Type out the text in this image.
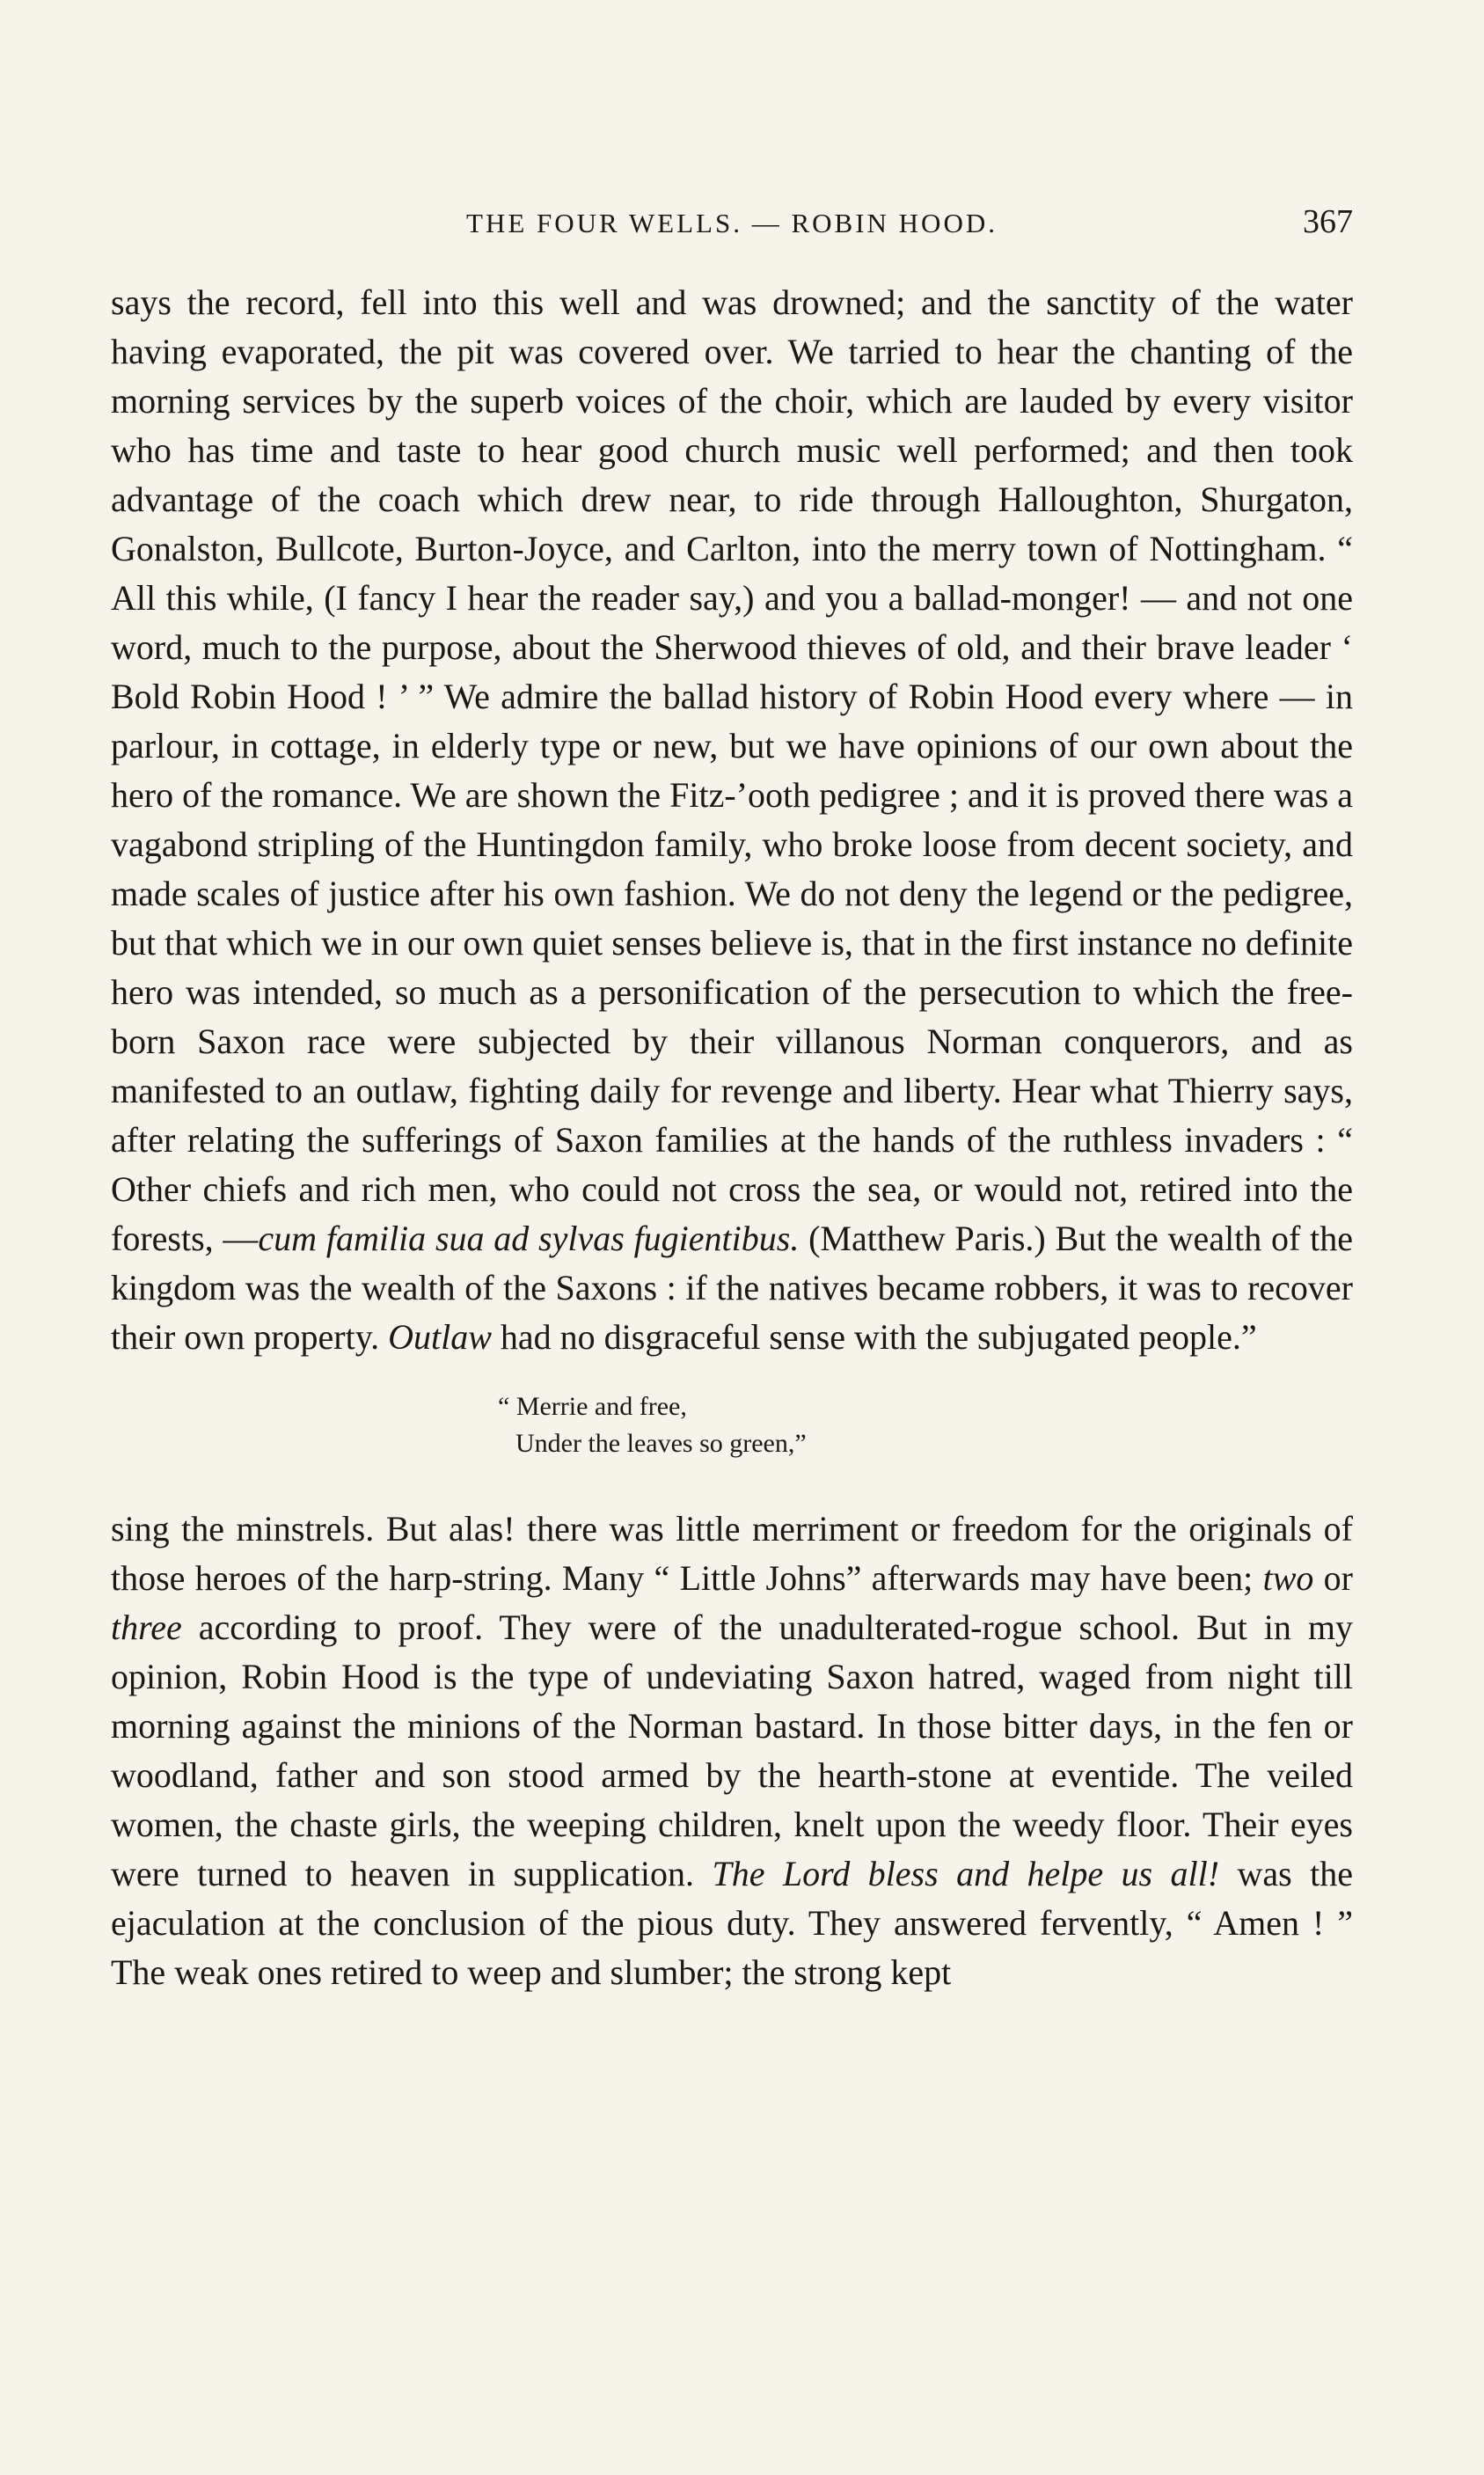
THE FOUR WELLS. — ROBIN HOOD.	367

says the record, fell into this well and was drowned; and the sanctity of the water having evaporated, the pit was covered over. We tarried to hear the chanting of the morning services by the superb voices of the choir, which are lauded by every visitor who has time and taste to hear good church music well performed; and then took advantage of the coach which drew near, to ride through Halloughton, Shurgaton, Gonalston, Bullcote, Burton-Joyce, and Carlton, into the merry town of Nottingham. “ All this while, (I fancy I hear the reader say,) and you a ballad-monger! — and not one word, much to the purpose, about the Sherwood thieves of old, and their brave leader ‘ Bold Robin Hood ! ’ ” We admire the ballad history of Robin Hood every where — in parlour, in cottage, in elderly type or new, but we have opinions of our own about the hero of the romance. We are shown the Fitz-’ooth pedigree ; and it is proved there was a vagabond stripling of the Huntingdon family, who broke loose from decent society, and made scales of justice after his own fashion. We do not deny the legend or the pedigree, but that which we in our own quiet senses believe is, that in the first instance no definite hero was intended, so much as a personification of the persecution to which the free-born Saxon race were subjected by their villanous Norman conquerors, and as manifested to an outlaw, fighting daily for revenge and liberty. Hear what Thierry says, after relating the sufferings of Saxon families at the hands of the ruthless invaders : “ Other chiefs and rich men, who could not cross the sea, or would not, retired into the forests, —cum familia sua ad sylvas fugientibus. (Matthew Paris.) But the wealth of the kingdom was the wealth of the Saxons : if the natives became robbers, it was to recover their own property. Outlaw had no disgraceful sense with the subjugated people.”

“ Merrie and free,
Under the leaves so green,”

sing the minstrels. But alas! there was little merriment or freedom for the originals of those heroes of the harp-string. Many “ Little Johns” afterwards may have been; two or three according to proof. They were of the unadulterated-rogue school. But in my opinion, Robin Hood is the type of undeviating Saxon hatred, waged from night till morning against the minions of the Norman bastard. In those bitter days, in the fen or woodland, father and son stood armed by the hearth-stone at eventide. The veiled women, the chaste girls, the weeping children, knelt upon the weedy floor. Their eyes were turned to heaven in supplication. The Lord bless and helpe us all! was the ejaculation at the conclusion of the pious duty. They answered fervently, “ Amen ! ” The weak ones retired to weep and slumber; the strong kept
